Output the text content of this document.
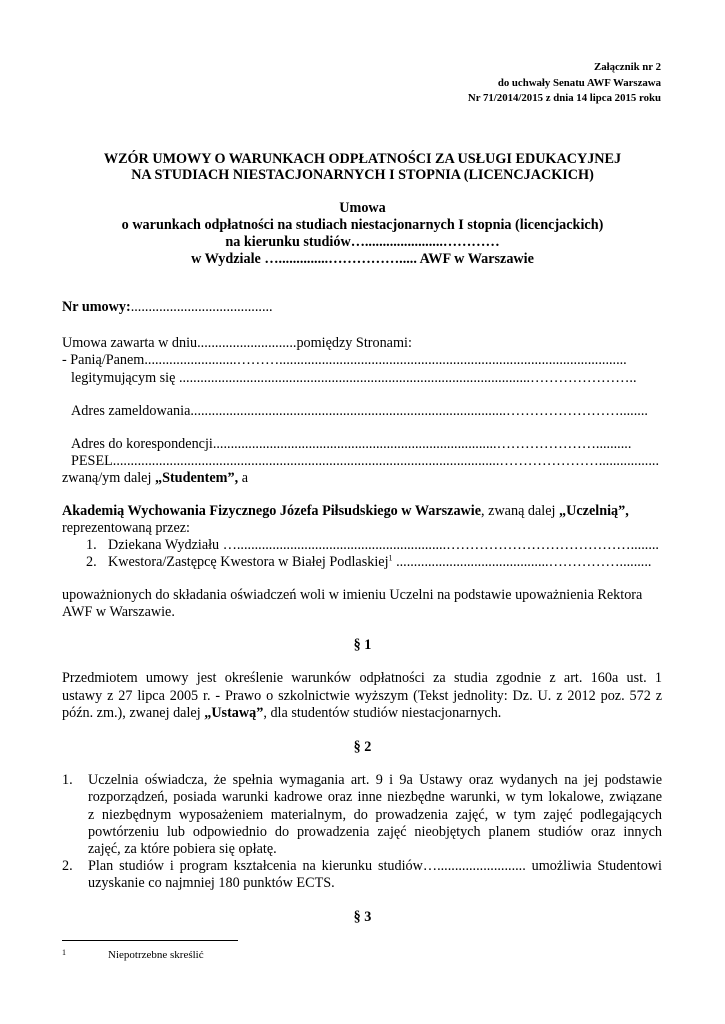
Załącznik nr 2
do uchwały Senatu AWF Warszawa
Nr 71/2014/2015 z dnia 14 lipca 2015 roku
WZÓR UMOWY O WARUNKACH ODPŁATNOŚCI ZA USŁUGI EDUKACYJNEJ
NA STUDIACH NIESTACJONARNYCH I STOPNIA (LICENCJACKICH)
Umowa
o warunkach odpłatności na studiach niestacjonarnych I stopnia (licencjackich)
na kierunku studiów…......................…………
w Wydziale …..............……………..... AWF w Warszawie
Nr umowy:........................................
Umowa zawarta w dniu............................pomiędzy Stronami:
- Panią/Panem..........................………..................................................................................................
legitymującym się ...................................................................................................…………………..
Adres zameldowania.........................................................................................……………………........
Adres do korespondencji................................................................................…………………..........
PESEL.............................................................................................................………………….................
zwaną/ym dalej „Studentem”, a
Akademią Wychowania Fizycznego Józefa Piłsudskiego w Warszawie, zwaną dalej „Uczelnią”,
reprezentowaną przez:
1. Dziekana Wydziału …...........................................................…………………………………........
2. Kwestora/Zastępcę Kwestora w Białej Podlaskiej$^1$ ...........................................…………….........
upoważnionych do składania oświadczeń woli w imieniu Uczelni na podstawie upoważnienia Rektora
AWF w Warszawie.
§ 1
Przedmiotem umowy jest określenie warunków odpłatności za studia zgodnie z art. 160a ust. 1
ustawy z 27 lipca 2005 r. - Prawo o szkolnictwie wyższym (Tekst jednolity: Dz. U. z 2012 poz. 572 z
późn. zm.), zwanej dalej „Ustawą”, dla studentów studiów niestacjonarnych.
§ 2
1. Uczelnia oświadcza, że spełnia wymagania art. 9 i 9a Ustawy oraz wydanych na jej podstawie
rozporządzeń, posiada warunki kadrowe oraz inne niezbędne warunki, w tym lokalowe, związane
z niezbędnym wyposażeniem materialnym, do prowadzenia zajęć, w tym zajęć podlegających
powtórzeniu lub odpowiednio do prowadzenia zajęć nieobjętych planem studiów oraz innych
zajęć, za które pobiera się opłatę.
2. Plan studiów i program kształcenia na kierunku studiów…......................... umożliwia Studentowi
uzyskanie co najmniej 180 punktów ECTS.
§ 3
1	Niepotrzebne skreślić
